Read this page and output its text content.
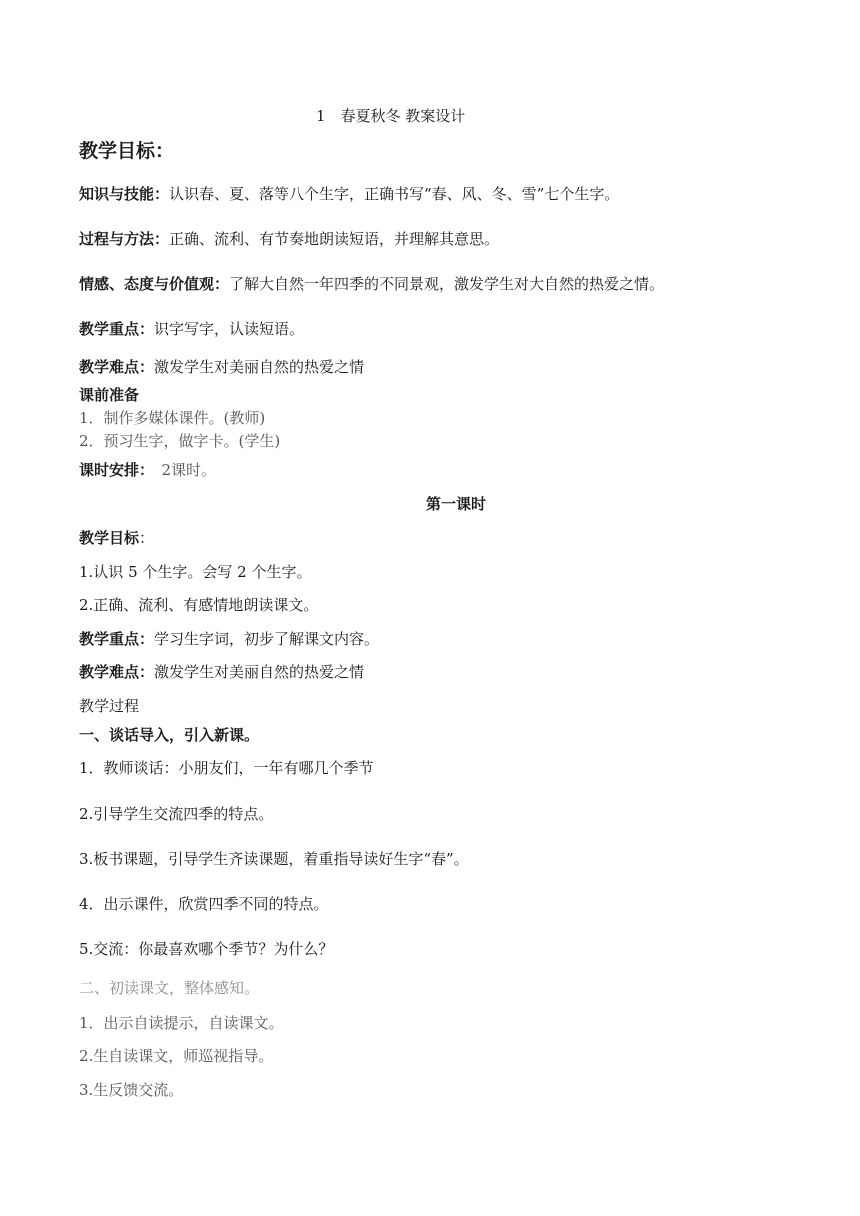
1　春夏秋冬 教案设计
教学目标：
知识与技能：认识春、夏、落等八个生字，正确书写“春、风、冬、雪”七个生字。
过程与方法：正确、流利、有节奏地朗读短语，并理解其意思。
情感、态度与价值观：了解大自然一年四季的不同景观，激发学生对大自然的热爱之情。
教学重点：识字写字，认读短语。
教学难点：激发学生对美丽自然的热爱之情
课前准备
1．制作多媒体课件。(教师)
2．预习生字，做字卡。(学生)
课时安排：　2课时。
第一课时
教学目标：
1.认识 5 个生字。会写 2 个生字。
2.正确、流利、有感情地朗读课文。
教学重点：学习生字词，初步了解课文内容。
教学难点：激发学生对美丽自然的热爱之情
教学过程
一、谈话导入，引入新课。
1．教师谈话：小朋友们，一年有哪几个季节
2.引导学生交流四季的特点。
3.板书课题，引导学生齐读课题，着重指导读好生字“春”。
4．出示课件，欣赏四季不同的特点。
5.交流：你最喜欢哪个季节？为什么？
二、初读课文，整体感知。
1．出示自读提示，自读课文。
2.生自读课文，师巡视指导。
3.生反馈交流。
